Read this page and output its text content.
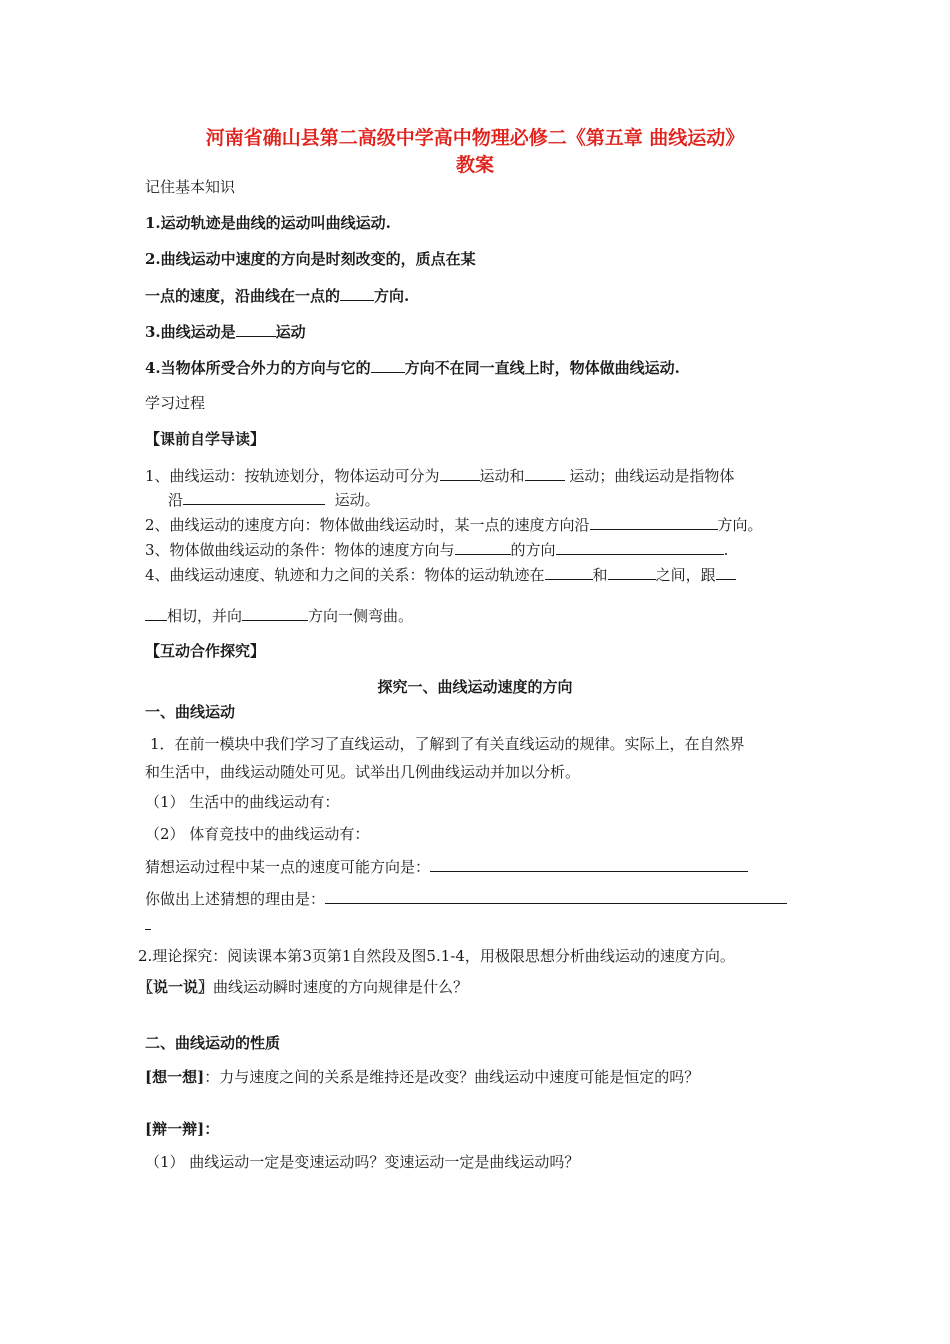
河南省确山县第二高级中学高中物理必修二《第五章 曲线运动》
教案
记住基本知识
1.运动轨迹是曲线的运动叫曲线运动.
2.曲线运动中速度的方向是时刻改变的，质点在某
一点的速度，沿曲线在一点的 方向.
3.曲线运动是	运动
4.当物体所受合外力的方向与它的 方向不在同一直线上时，物体做曲线运动.
学习过程
【课前自学导读】
1、曲线运动：按轨迹划分，物体运动可分为	运动和	运动；曲线运动是指物体
沿	运动。
2、曲线运动的速度方向：物体做曲线运动时，某一点的速度方向沿	方向。
3、物体做曲线运动的条件：物体的速度方向与	的方向	.
4、曲线运动速度、轨迹和力之间的关系：物体的运动轨迹在	和	之间，跟
相切，并向	方向一侧弯曲。
【互动合作探究】
探究一、曲线运动速度的方向
一、曲线运动
1．在前一模块中我们学习了直线运动，了解到了有关直线运动的规律。实际上，在自然界
和生活中，曲线运动随处可见。试举出几例曲线运动并加以分析。
（1） 生活中的曲线运动有：
（2） 体育竞技中的曲线运动有：
猜想运动过程中某一点的速度可能方向是：
你做出上述猜想的理由是：
2.理论探究：阅读课本第3页第1自然段及图5.1-4，用极限思想分析曲线运动的速度方向。
〖说一说〗曲线运动瞬时速度的方向规律是什么？
二、曲线运动的性质
[想一想]：力与速度之间的关系是维持还是改变？曲线运动中速度可能是恒定的吗？
[辩一辩]：
（1） 曲线运动一定是变速运动吗？变速运动一定是曲线运动吗？
